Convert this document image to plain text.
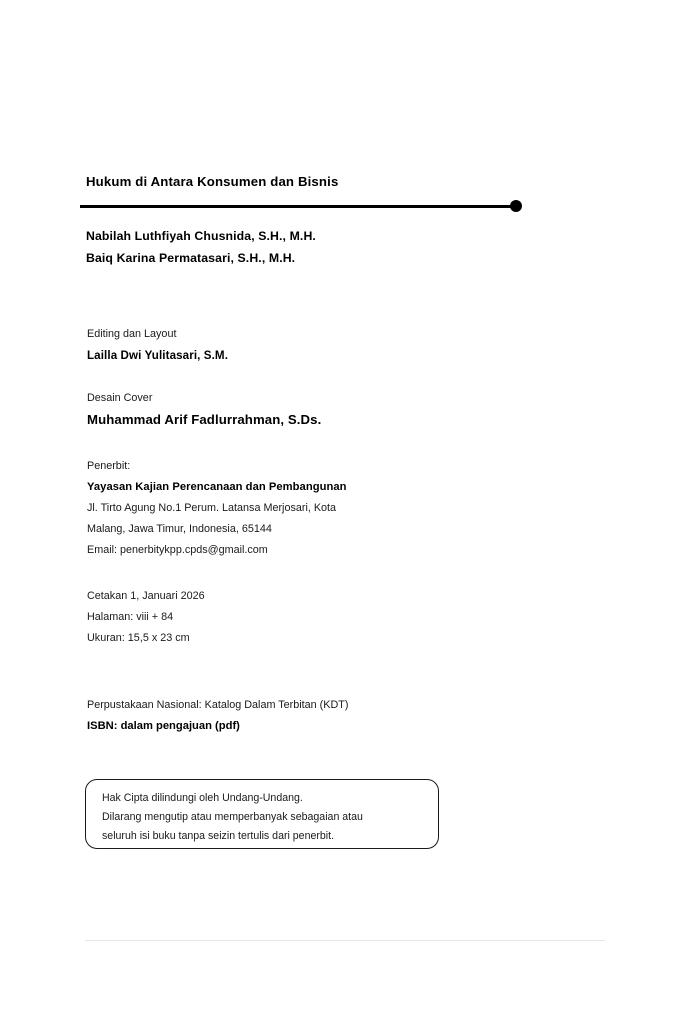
Hukum di Antara Konsumen dan Bisnis
Nabilah Luthfiyah Chusnida, S.H., M.H.
Baiq Karina Permatasari, S.H., M.H.
Editing dan Layout
Lailla Dwi Yulitasari, S.M.
Desain Cover
Muhammad Arif Fadlurrahman, S.Ds.
Penerbit:
Yayasan Kajian Perencanaan dan Pembangunan
Jl. Tirto Agung No.1 Perum. Latansa Merjosari, Kota
Malang, Jawa Timur, Indonesia, 65144
Email: penerbitykpp.cpds@gmail.com
Cetakan 1, Januari 2026
Halaman: viii + 84
Ukuran: 15,5 x 23 cm
Perpustakaan Nasional: Katalog Dalam Terbitan (KDT)
ISBN: dalam pengajuan (pdf)
Hak Cipta dilindungi oleh Undang-Undang.
Dilarang mengutip atau memperbanyak sebagaian atau
seluruh isi buku tanpa seizin tertulis dari penerbit.
